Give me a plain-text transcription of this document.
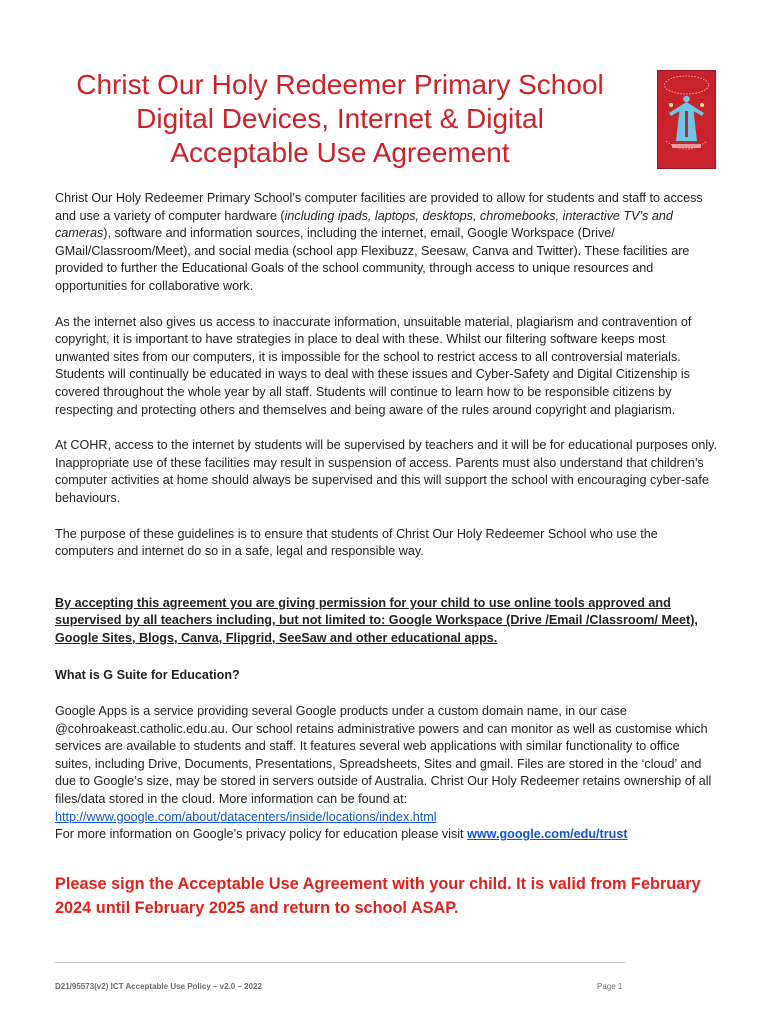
Christ Our Holy Redeemer Primary School
Digital Devices, Internet & Digital
Acceptable Use Agreement

Christ Our Holy Redeemer Primary School’s computer facilities are provided to allow for students and staff to access and use a variety of computer hardware (including ipads, laptops, desktops, chromebooks, interactive TV’s and cameras), software and information sources, including the internet, email, Google Workspace (Drive/ GMail/Classroom/Meet), and social media (school app Flexibuzz, Seesaw, Canva and Twitter). These facilities are provided to further the Educational Goals of the school community, through access to unique resources and opportunities for collaborative work.

As the internet also gives us access to inaccurate information, unsuitable material, plagiarism and contravention of copyright, it is important to have strategies in place to deal with these. Whilst our filtering software keeps most unwanted sites from our computers, it is impossible for the school to restrict access to all controversial materials. Students will continually be educated in ways to deal with these issues and Cyber-Safety and Digital Citizenship is covered throughout the whole year by all staff. Students will continue to learn how to be responsible citizens by respecting and protecting others and themselves and being aware of the rules around copyright and plagiarism.

At COHR, access to the internet by students will be supervised by teachers and it will be for educational purposes only. Inappropriate use of these facilities may result in suspension of access. Parents must also understand that children’s computer activities at home should always be supervised and this will support the school with encouraging cyber-safe behaviours.

The purpose of these guidelines is to ensure that students of Christ Our Holy Redeemer School who use the computers and internet do so in a safe, legal and responsible way.

By accepting this agreement you are giving permission for your child to use online tools approved and supervised by all teachers including, but not limited to: Google Workspace (Drive /Email /Classroom/ Meet), Google Sites, Blogs, Canva, Flipgrid, SeeSaw and other educational apps.

What is G Suite for Education?

Google Apps is a service providing several Google products under a custom domain name, in our case @cohroakeast.catholic.edu.au. Our school retains administrative powers and can monitor as well as customise which services are available to students and staff. It features several web applications with similar functionality to office suites, including Drive, Documents, Presentations, Spreadsheets, Sites and gmail. Files are stored in the ‘cloud’ and due to Google’s size, may be stored in servers outside of Australia. Christ Our Holy Redeemer retains ownership of all files/data stored in the cloud. More information can be found at: http://www.google.com/about/datacenters/inside/locations/index.html
For more information on Google’s privacy policy for education please visit www.google.com/edu/trust

Please sign the Acceptable Use Agreement with your child. It is valid from February 2024 until February 2025 and return to school ASAP.
D21/95573(v2) ICT Acceptable Use Policy – v2.0 – 2022	Page 1
